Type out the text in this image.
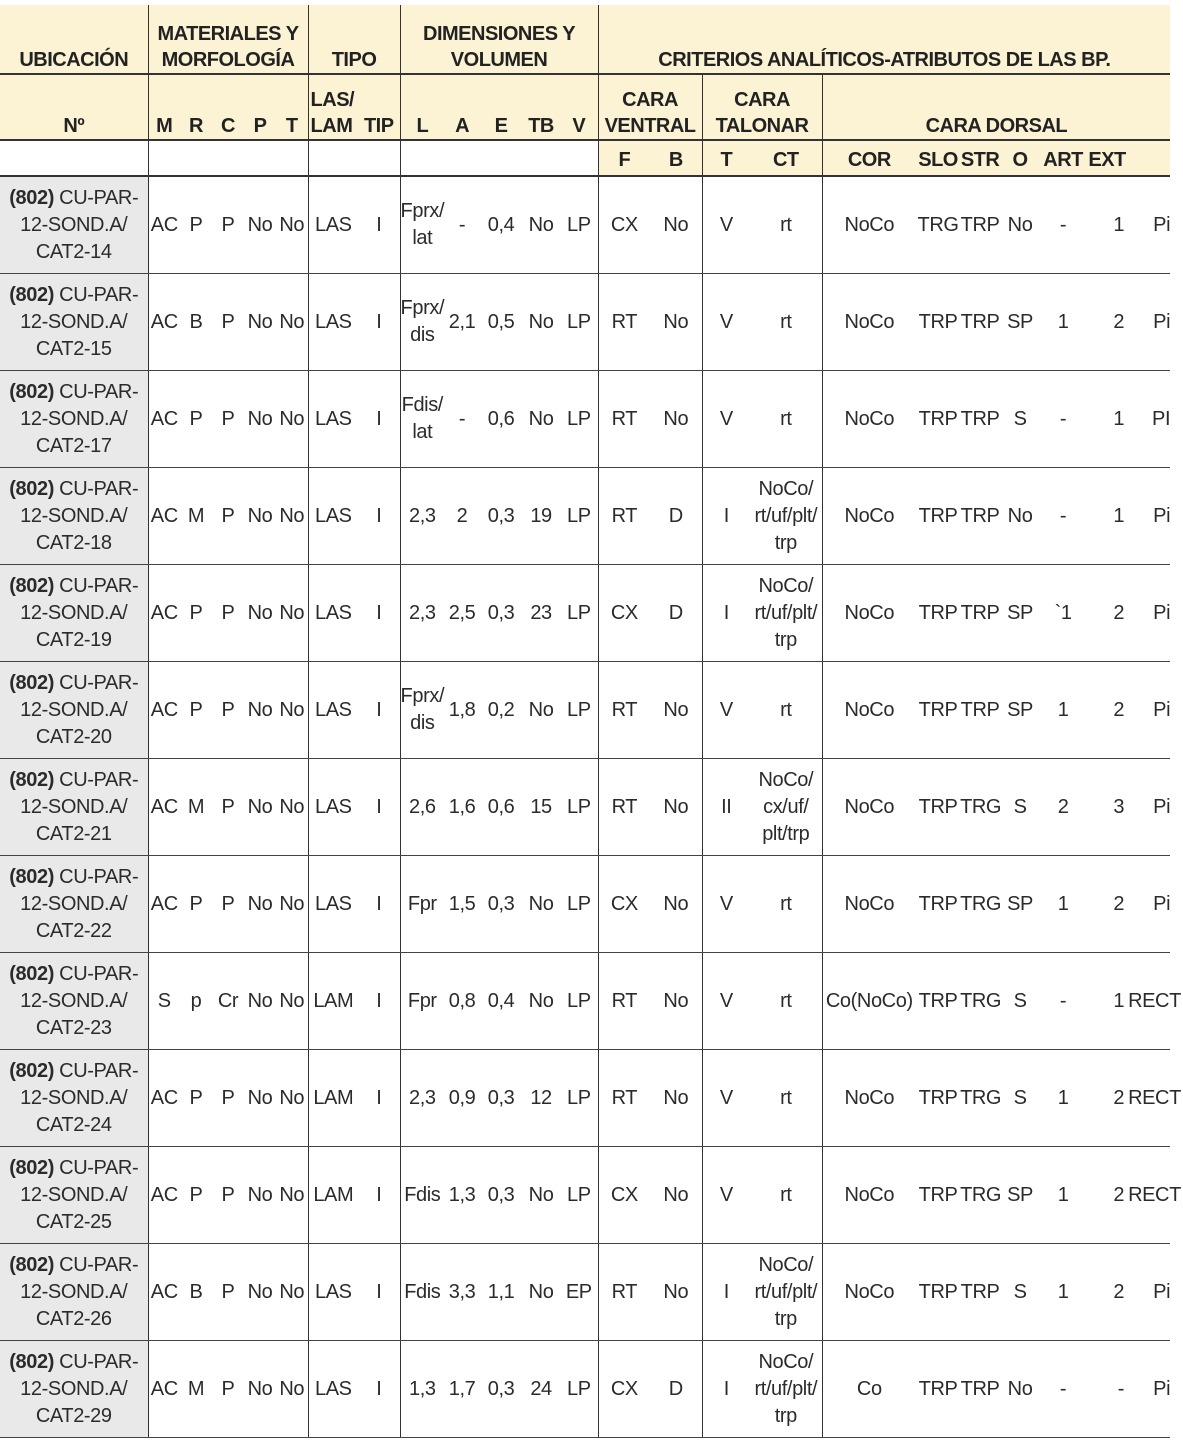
UBICACIÓN	MATERIALES Y
MORFOLOGÍA					TIPO		DIMENSIONES Y
VOLUMEN					CRITERIOS ANALÍTICOS-ATRIBUTOS DE LAS BP.										
Nº	M	R	C	P	T	LAS/
LAM	TIP	L	A	E	TB	V	CARA
VENTRAL		CARA
TALONAR		CARA DORSAL						
													F	B	T	CT	COR	SLO	STR	O	ART	EXT	
(802) CU-PAR-12-SOND.A/ CAT2-14	AC	P	P	No	No	LAS	I	Fprx/ lat	-	0,4	No	LP	CX	No	V	rt	NoCo	TRG	TRP	No	-	1	Pi
(802) CU-PAR-12-SOND.A/ CAT2-15	AC	B	P	No	No	LAS	I	Fprx/ dis	2,1	0,5	No	LP	RT	No	V	rt	NoCo	TRP	TRP	SP	1	2	Pi
(802) CU-PAR-12-SOND.A/ CAT2-17	AC	P	P	No	No	LAS	I	Fdis/ lat	-	0,6	No	LP	RT	No	V	rt	NoCo	TRP	TRP	S	-	1	PI
(802) CU-PAR-12-SOND.A/ CAT2-18	AC	M	P	No	No	LAS	I	2,3	2	0,3	19	LP	RT	D	I	NoCo/ rt/uf/plt/ trp	NoCo	TRP	TRP	No	-	1	Pi
(802) CU-PAR-12-SOND.A/ CAT2-19	AC	P	P	No	No	LAS	I	2,3	2,5	0,3	23	LP	CX	D	I	NoCo/ rt/uf/plt/ trp	NoCo	TRP	TRP	SP	`1	2	Pi
(802) CU-PAR-12-SOND.A/ CAT2-20	AC	P	P	No	No	LAS	I	Fprx/ dis	1,8	0,2	No	LP	RT	No	V	rt	NoCo	TRP	TRP	SP	1	2	Pi
(802) CU-PAR-12-SOND.A/ CAT2-21	AC	M	P	No	No	LAS	I	2,6	1,6	0,6	15	LP	RT	No	II	NoCo/ cx/uf/ plt/trp	NoCo	TRP	TRG	S	2	3	Pi
(802) CU-PAR-12-SOND.A/ CAT2-22	AC	P	P	No	No	LAS	I	Fpr	1,5	0,3	No	LP	CX	No	V	rt	NoCo	TRP	TRG	SP	1	2	Pi
(802) CU-PAR-12-SOND.A/ CAT2-23	S	p	Cr	No	No	LAM	I	Fpr	0,8	0,4	No	LP	RT	No	V	rt	Co(NoCo)	TRP	TRG	S	-	1	RECT
(802) CU-PAR-12-SOND.A/ CAT2-24	AC	P	P	No	No	LAM	I	2,3	0,9	0,3	12	LP	RT	No	V	rt	NoCo	TRP	TRG	S	1	2	RECT
(802) CU-PAR-12-SOND.A/ CAT2-25	AC	P	P	No	No	LAM	I	Fdis	1,3	0,3	No	LP	CX	No	V	rt	NoCo	TRP	TRG	SP	1	2	RECT
(802) CU-PAR-12-SOND.A/ CAT2-26	AC	B	P	No	No	LAS	I	Fdis	3,3	1,1	No	EP	RT	No	I	NoCo/ rt/uf/plt/ trp	NoCo	TRP	TRP	S	1	2	Pi
(802) CU-PAR-12-SOND.A/ CAT2-29	AC	M	P	No	No	LAS	I	1,3	1,7	0,3	24	LP	CX	D	I	NoCo/ rt/uf/plt/ trp	Co	TRP	TRP	No	-	-	Pi
